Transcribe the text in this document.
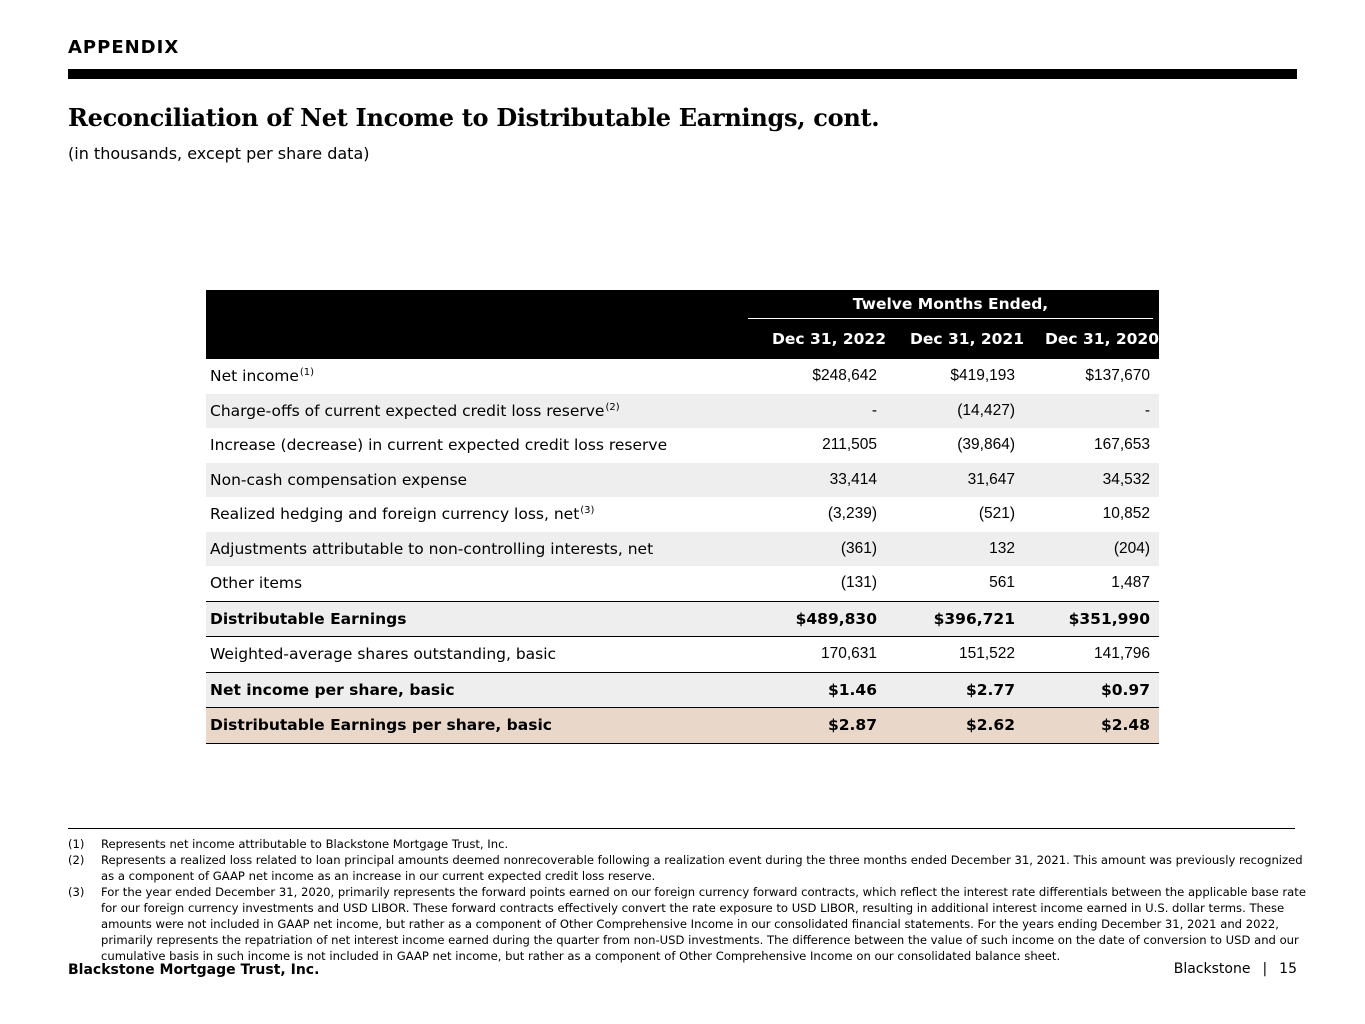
APPENDIX
Reconciliation of Net Income to Distributable Earnings, cont.
(in thousands, except per share data)

	Twelve Months Ended,		

	Dec 31, 2022	Dec 31, 2021	Dec 31, 2020
Net income$^{(1)}$	$248,642	$419,193	$137,670
Charge-offs of current expected credit loss reserve$^{(2)}$	-	(14,427)	-
Increase (decrease) in current expected credit loss reserve	211,505	(39,864)	167,653
Non-cash compensation expense	33,414	31,647	34,532
Realized hedging and foreign currency loss, net$^{(3)}$	(3,239)	(521)	10,852
Adjustments attributable to non-controlling interests, net	(361)	132	(204)
Other items	(131)	561	1,487
Distributable Earnings	$489,830	$396,721	$351,990
Weighted-average shares outstanding, basic	170,631	151,522	141,796
Net income per share, basic	$1.46	$2.77	$0.97
Distributable Earnings per share, basic	$2.87	$2.62	$2.48
(1)	Represents net income attributable to Blackstone Mortgage Trust, Inc.
(2)	Represents a realized loss related to loan principal amounts deemed nonrecoverable following a realization event during the three months ended December 31, 2021. This amount was previously recognized as a component of GAAP net income as an increase in our current expected credit loss reserve.
(3)	For the year ended December 31, 2020, primarily represents the forward points earned on our foreign currency forward contracts, which reflect the interest rate differentials between the applicable base rate for our foreign currency investments and USD LIBOR. These forward contracts effectively convert the rate exposure to USD LIBOR, resulting in additional interest income earned in U.S. dollar terms. These amounts were not included in GAAP net income, but rather as a component of Other Comprehensive Income in our consolidated financial statements. For the years ending December 31, 2021 and 2022, primarily represents the repatriation of net interest income earned during the quarter from non-USD investments. The difference between the value of such income on the date of conversion to USD and our cumulative basis in such income is not included in GAAP net income, but rather as a component of Other Comprehensive Income on our consolidated balance sheet.
Blackstone Mortgage Trust, Inc.	Blackstone | 15
